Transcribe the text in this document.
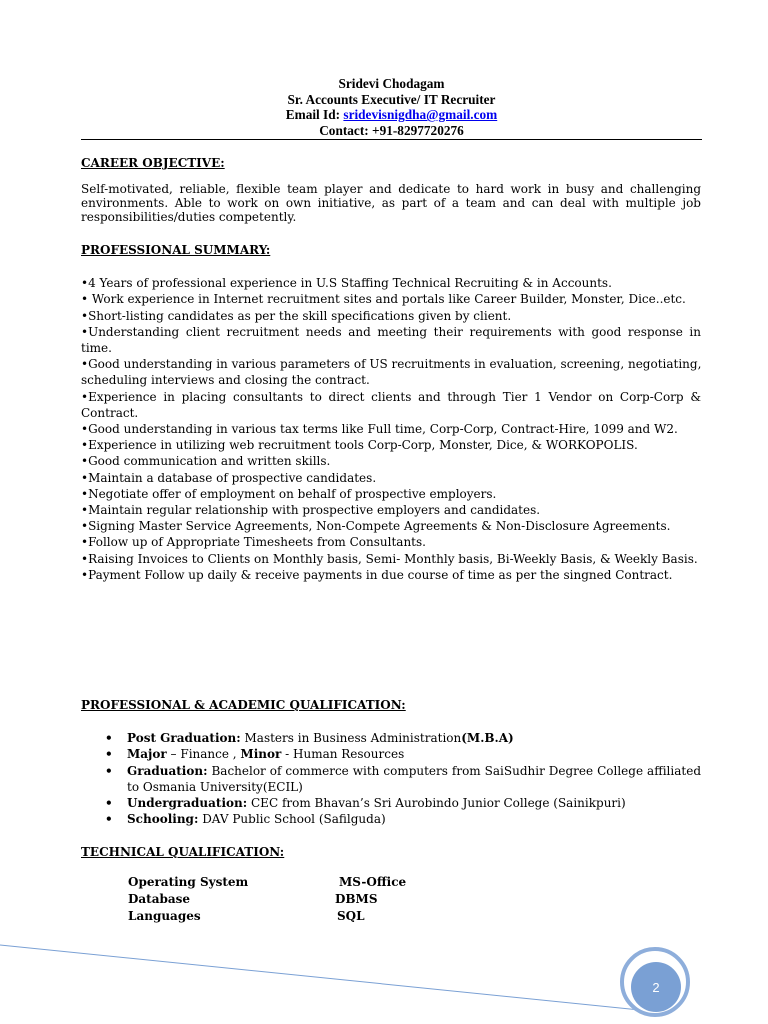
Sridevi Chodagam
Sr. Accounts Executive/ IT Recruiter
Email Id: sridevisnigdha@gmail.com
Contact: +91-8297720276
CAREER OBJECTIVE:
Self-motivated, reliable, flexible team player and dedicate to hard work in busy and challenging environments. Able to work on own initiative, as part of a team and can deal with multiple job responsibilities/duties competently.
PROFESSIONAL SUMMARY:
•4 Years of professional experience in U.S Staffing Technical Recruiting & in Accounts.
• Work experience in Internet recruitment sites and portals like Career Builder, Monster, Dice..etc.
•Short-listing candidates as per the skill specifications given by client.
•Understanding client recruitment needs and meeting their requirements with good response in time.
•Good understanding in various parameters of US recruitments in evaluation, screening, negotiating,
scheduling interviews and closing the contract.
•Experience in placing consultants to direct clients and through Tier 1 Vendor on Corp-Corp & Contract.
•Good understanding in various tax terms like Full time, Corp-Corp, Contract-Hire, 1099 and W2.
•Experience in utilizing web recruitment tools Corp-Corp, Monster, Dice, & WORKOPOLIS.
•Good communication and written skills.
•Maintain a database of prospective candidates.
•Negotiate offer of employment on behalf of prospective employers.
•Maintain regular relationship with prospective employers and candidates.
•Signing Master Service Agreements, Non-Compete Agreements & Non-Disclosure Agreements.
•Follow up of Appropriate Timesheets from Consultants.
•Raising Invoices to Clients on Monthly basis, Semi- Monthly basis, Bi-Weekly Basis, & Weekly Basis.
•Payment Follow up daily & receive payments in due course of time as per the singned Contract.
PROFESSIONAL & ACADEMIC QUALIFICATION:
• Post Graduation: Masters in Business Administration(M.B.A)
• Major – Finance , Minor - Human Resources
• Graduation: Bachelor of commerce with computers from SaiSudhir Degree College affiliated to Osmania University(ECIL)
• Undergraduation: CEC from Bhavan’s Sri Aurobindo Junior College (Sainikpuri)
• Schooling: DAV Public School (Safilguda)
TECHNICAL QUALIFICATION:
Operating System	MS-Office
Database	DBMS
Languages	SQL
2
